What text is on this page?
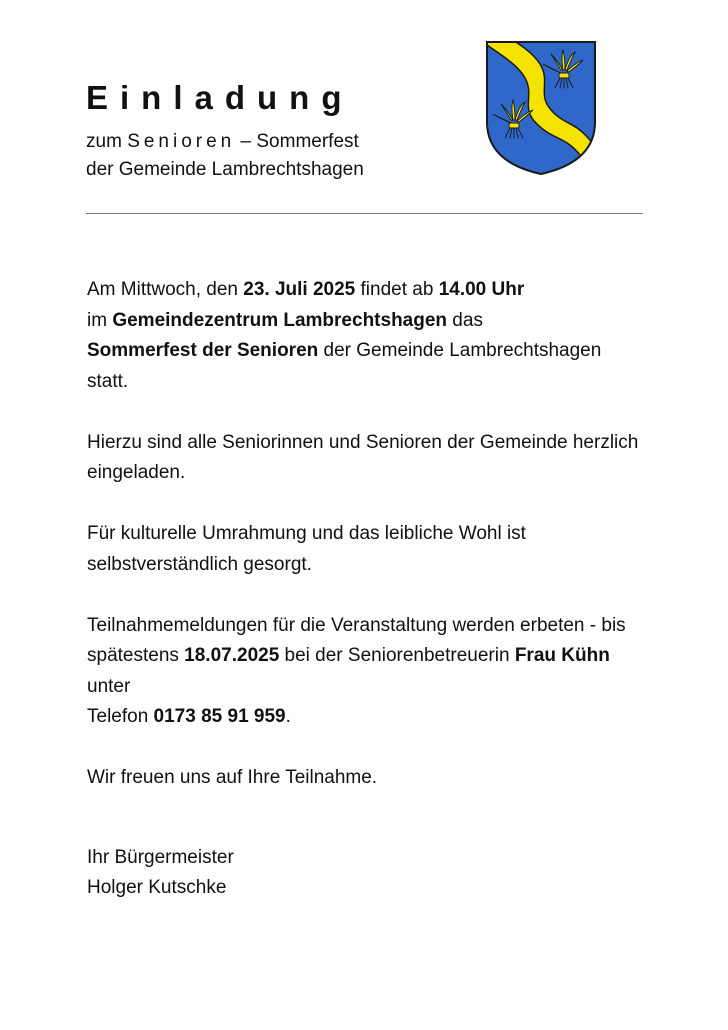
Einladung
zum Senioren – Sommerfest
der Gemeinde Lambrechtshagen

Am Mittwoch, den 23. Juli 2025 findet ab 14.00 Uhr
im Gemeindezentrum Lambrechtshagen das
Sommerfest der Senioren der Gemeinde Lambrechtshagen statt.

Hierzu sind alle Seniorinnen und Senioren der Gemeinde herzlich eingeladen.

Für kulturelle Umrahmung und das leibliche Wohl ist selbstverständlich gesorgt.

Teilnahmemeldungen für die Veranstaltung werden erbeten - bis spätestens 18.07.2025 bei der Seniorenbetreuerin Frau Kühn unter
Telefon 0173 85 91 959.

Wir freuen uns auf Ihre Teilnahme.

Ihr Bürgermeister
Holger Kutschke
